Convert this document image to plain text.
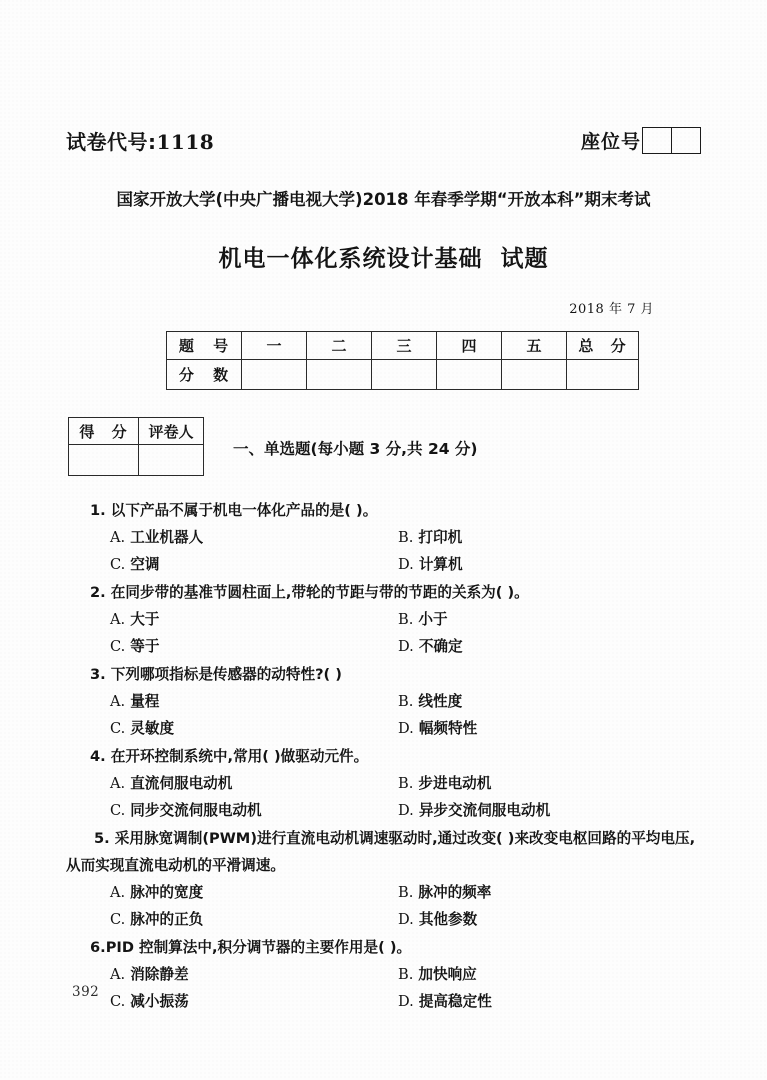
试卷代号:1118	座位号
国家开放大学(中央广播电视大学)2018 年春季学期“开放本科”期末考试
机电一体化系统设计基础 试题
2018 年 7 月
题 号	一	二	三	四	五	总 分
分 数						
得 分	评卷人

一、单选题(每小题 3 分,共 24 分)
1. 以下产品不属于机电一体化产品的是( )。
A. 工业机器人	B. 打印机
C. 空调	D. 计算机
2. 在同步带的基准节圆柱面上,带轮的节距与带的节距的关系为( )。
A. 大于	B. 小于
C. 等于	D. 不确定
3. 下列哪项指标是传感器的动特性?( )
A. 量程	B. 线性度
C. 灵敏度	D. 幅频特性
4. 在开环控制系统中,常用( )做驱动元件。
A. 直流伺服电动机	B. 步进电动机
C. 同步交流伺服电动机	D. 异步交流伺服电动机
5. 采用脉宽调制(PWM)进行直流电动机调速驱动时,通过改变( )来改变电枢回路的平均电压,从而实现直流电动机的平滑调速。
A. 脉冲的宽度	B. 脉冲的频率
C. 脉冲的正负	D. 其他参数
6.PID 控制算法中,积分调节器的主要作用是( )。
A. 消除静差	B. 加快响应
C. 减小振荡	D. 提高稳定性
392
